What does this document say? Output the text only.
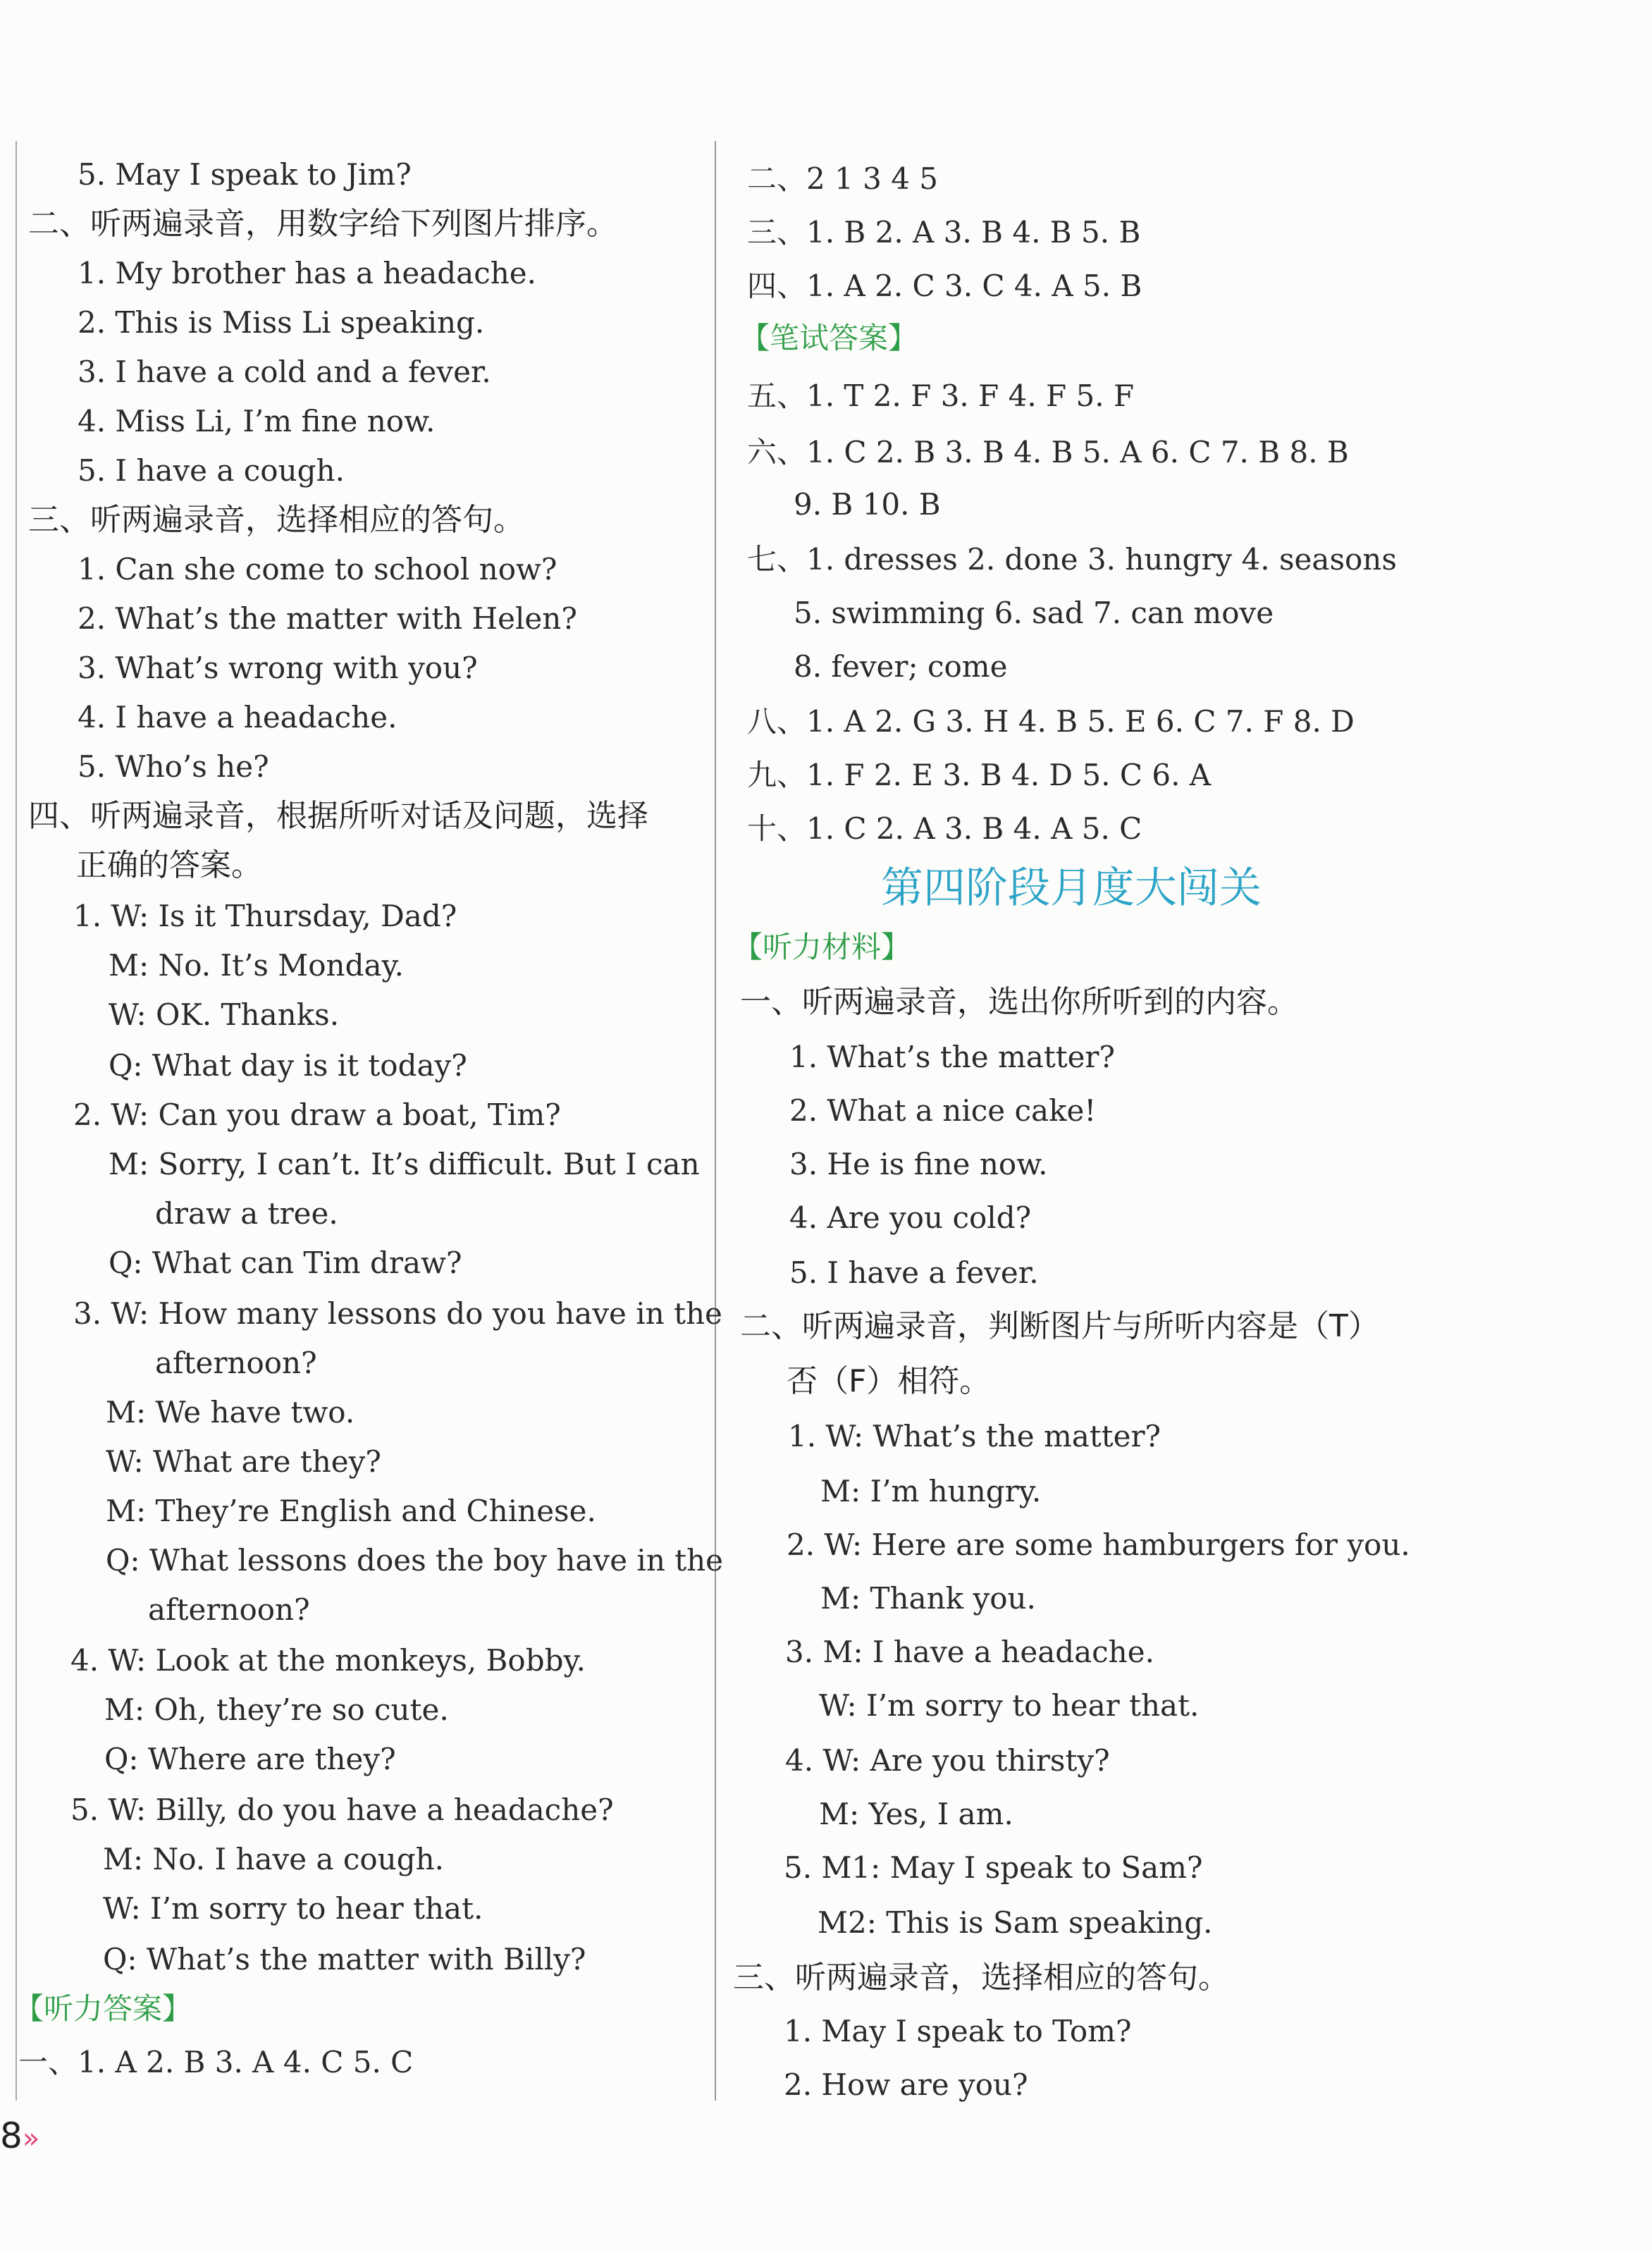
5. May I speak to Jim?
二、听两遍录音，用数字给下列图片排序。
1. My brother has a headache.
2. This is Miss Li speaking.
3. I have a cold and a fever.
4. Miss Li, I’m fine now.
5. I have a cough.
三、听两遍录音，选择相应的答句。
1. Can she come to school now?
2. What’s the matter with Helen?
3. What’s wrong with you?
4. I have a headache.
5. Who’s he?
四、听两遍录音，根据所听对话及问题，选择
正确的答案。
1. W: Is it Thursday, Dad?
M: No. It’s Monday.
W: OK. Thanks.
Q: What day is it today?
2. W: Can you draw a boat, Tim?
M: Sorry, I can’t. It’s difficult. But I can
draw a tree.
Q: What can Tim draw?
3. W: How many lessons do you have in the
afternoon?
M: We have two.
W: What are they?
M: They’re English and Chinese.
Q: What lessons does the boy have in the
afternoon?
4. W: Look at the monkeys, Bobby.
M: Oh, they’re so cute.
Q: Where are they?
5. W: Billy, do you have a headache?
M: No. I have a cough.
W: I’m sorry to hear that.
Q: What’s the matter with Billy?
【听力答案】
一、1. A 2. B 3. A 4. C 5. C
二、2 1 3 4 5
三、1. B 2. A 3. B 4. B 5. B
四、1. A 2. C 3. C 4. A 5. B
【笔试答案】
五、1. T 2. F 3. F 4. F 5. F
六、1. C 2. B 3. B 4. B 5. A 6. C 7. B 8. B
9. B 10. B
七、1. dresses 2. done 3. hungry 4. seasons
5. swimming 6. sad 7. can move
8. fever; come
八、1. A 2. G 3. H 4. B 5. E 6. C 7. F 8. D
九、1. F 2. E 3. B 4. D 5. C 6. A
十、1. C 2. A 3. B 4. A 5. C
第四阶段月度大闯关
【听力材料】
一、听两遍录音，选出你所听到的内容。
1. What’s the matter?
2. What a nice cake!
3. He is fine now.
4. Are you cold?
5. I have a fever.
二、听两遍录音，判断图片与所听内容是（T）
否（F）相符。
1. W: What’s the matter?
M: I’m hungry.
2. W: Here are some hamburgers for you.
M: Thank you.
3. M: I have a headache.
W: I’m sorry to hear that.
4. W: Are you thirsty?
M: Yes, I am.
5. M1: May I speak to Sam?
M2: This is Sam speaking.
三、听两遍录音，选择相应的答句。
1. May I speak to Tom?
2. How are you?
8»
